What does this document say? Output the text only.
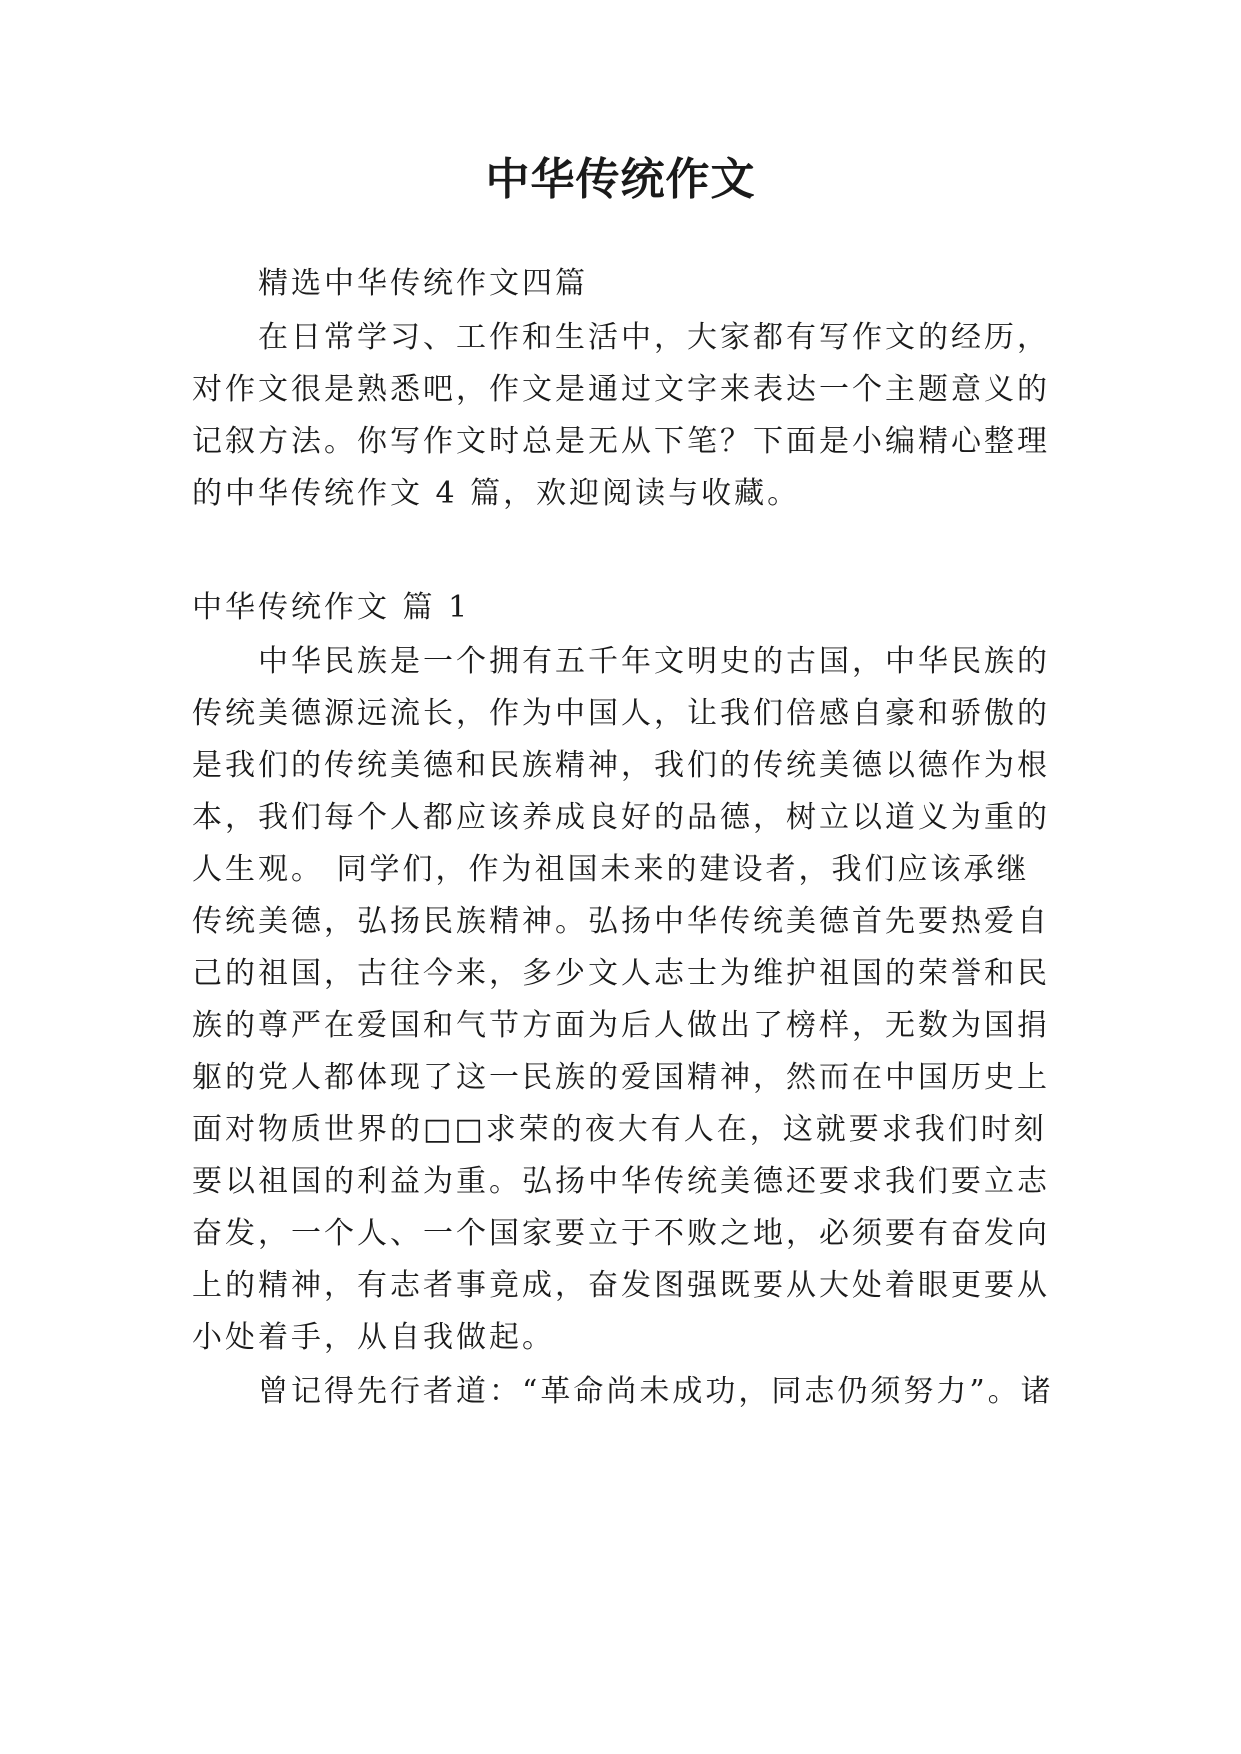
中华传统作文
精选中华传统作文四篇
在日常学习、工作和生活中，大家都有写作文的经历，
对作文很是熟悉吧，作文是通过文字来表达一个主题意义的
记叙方法。你写作文时总是无从下笔？下面是小编精心整理
的中华传统作文 4 篇，欢迎阅读与收藏。
中华传统作文 篇 1
中华民族是一个拥有五千年文明史的古国，中华民族的
传统美德源远流长，作为中国人，让我们倍感自豪和骄傲的
是我们的传统美德和民族精神，我们的传统美德以德作为根
本，我们每个人都应该养成良好的品德，树立以道义为重的
人生观。 同学们，作为祖国未来的建设者，我们应该承继
传统美德，弘扬民族精神。弘扬中华传统美德首先要热爱自
己的祖国，古往今来，多少文人志士为维护祖国的荣誉和民
族的尊严在爱国和气节方面为后人做出了榜样，无数为国捐
躯的党人都体现了这一民族的爱国精神，然而在中国历史上
面对物质世界的□□求荣的夜大有人在，这就要求我们时刻
要以祖国的利益为重。弘扬中华传统美德还要求我们要立志
奋发，一个人、一个国家要立于不败之地，必须要有奋发向
上的精神，有志者事竟成，奋发图强既要从大处着眼更要从
小处着手，从自我做起。
曾记得先行者道：“革命尚未成功，同志仍须努力”。诸
